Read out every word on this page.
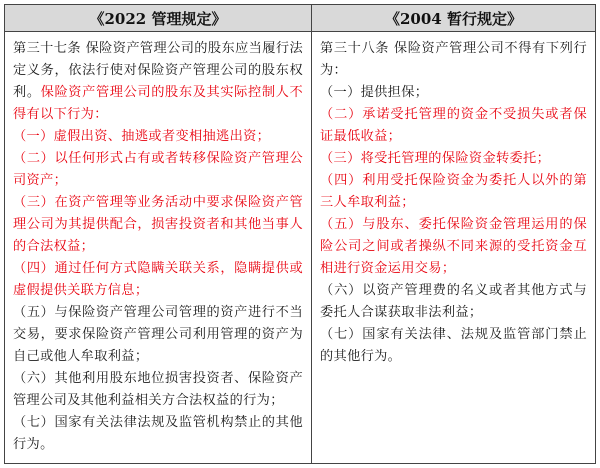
《2022 管理规定》	《2004 暂行规定》

第三十七条 保险资产管理公司的股东应当履行法定义务，依法行使对保险资产管理公司的股东权利。保险资产管理公司的股东及其实际控制人不得有以下行为：

（一）虚假出资、抽逃或者变相抽逃出资；

（二）以任何形式占有或者转移保险资产管理公司资产；

（三）在资产管理等业务活动中要求保险资产管理公司为其提供配合，损害投资者和其他当事人的合法权益；

（四）通过任何方式隐瞒关联关系，隐瞒提供或虚假提供关联方信息；

（五）与保险资产管理公司管理的资产进行不当交易，要求保险资产管理公司利用管理的资产为自己或他人牟取利益；

（六）其他利用股东地位损害投资者、保险资产管理公司及其他利益相关方合法权益的行为；

（七）国家有关法律法规及监管机构禁止的其他行为。

第三十八条 保险资产管理公司不得有下列行为：

（一）提供担保；

（二）承诺受托管理的资金不受损失或者保证最低收益；

（三）将受托管理的保险资金转委托；

（四）利用受托保险资金为委托人以外的第三人牟取利益；

（五）与股东、委托保险资金管理运用的保险公司之间或者操纵不同来源的受托资金互相进行资金运用交易；

（六）以资产管理费的名义或者其他方式与委托人合谋获取非法利益；

（七）国家有关法律、法规及监管部门禁止的其他行为。
